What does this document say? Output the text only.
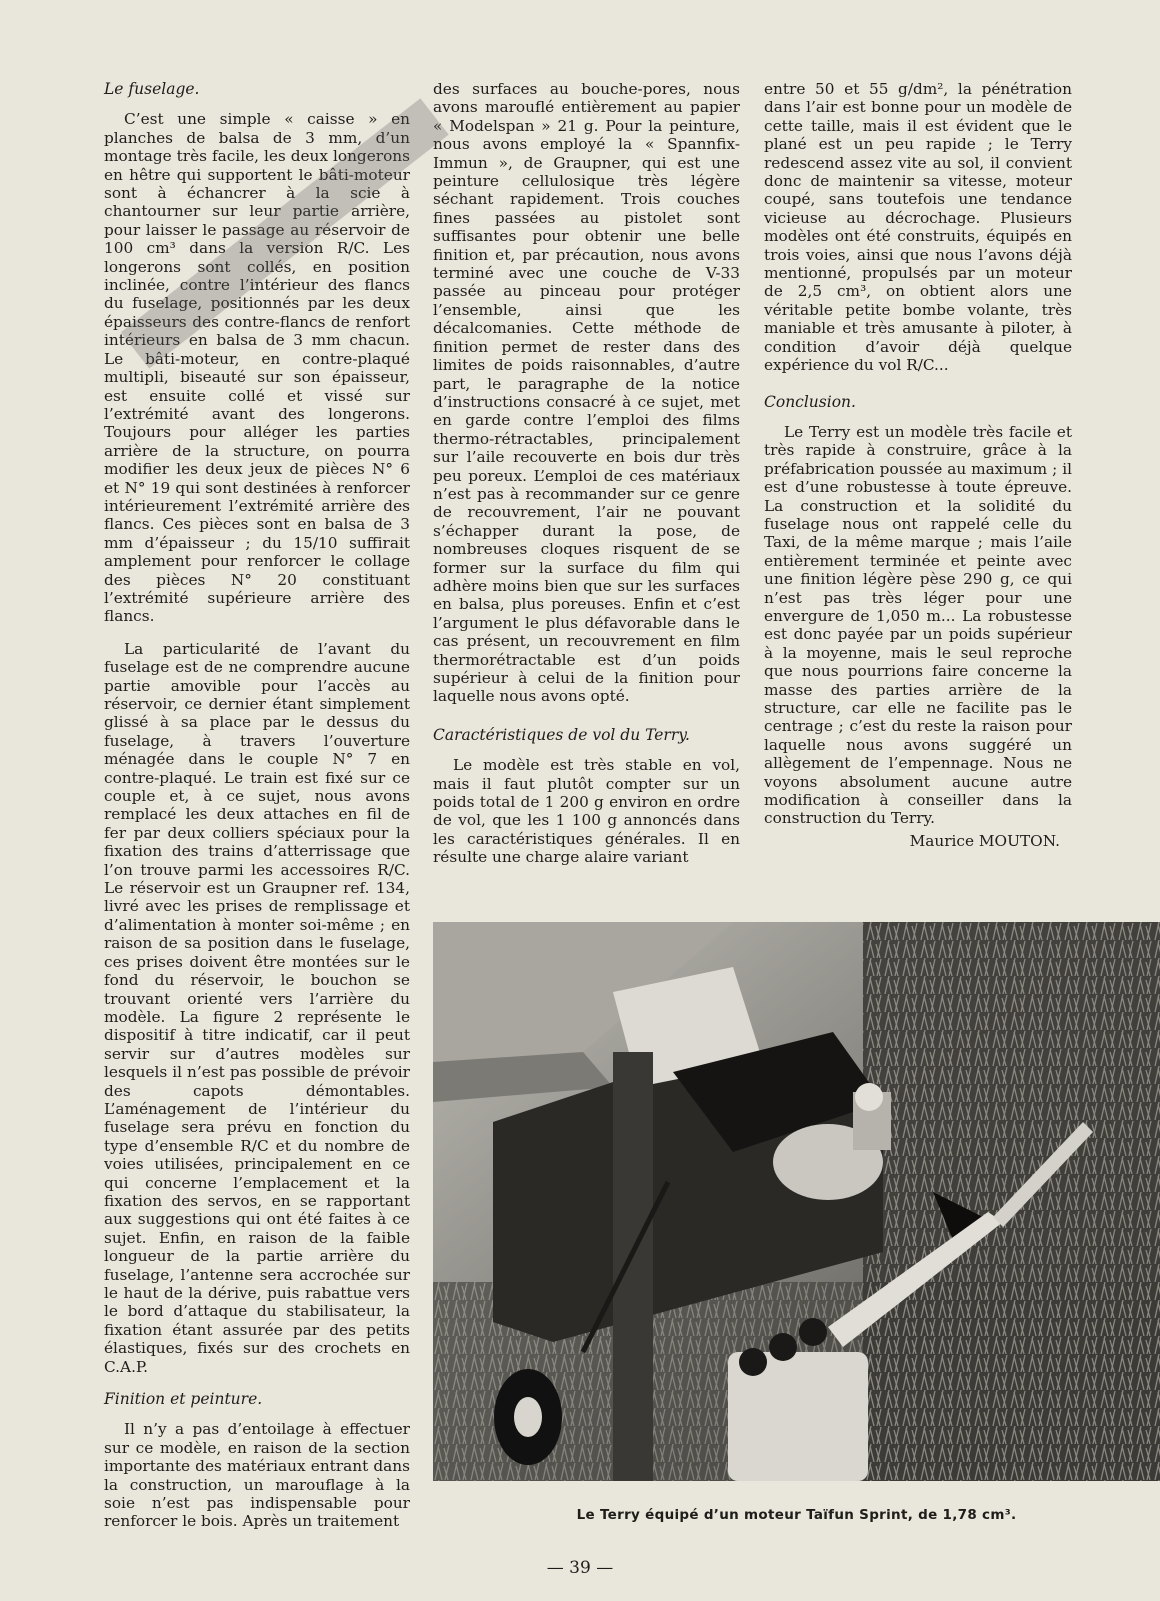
Le fuselage.

C’est une simple « caisse » en planches de balsa de 3 mm, d’un montage très facile, les deux longerons en hêtre qui supportent le bâti-moteur sont à échancrer à la scie à chantourner sur leur partie arrière, pour laisser le passage au réservoir de 100 cm³ dans la version R/C. Les longerons sont collés, en position inclinée, contre l’intérieur des flancs du fuselage, positionnés par les deux épaisseurs des contre-flancs de renfort intérieurs en balsa de 3 mm chacun. Le bâti-moteur, en contre-plaqué multipli, biseauté sur son épaisseur, est ensuite collé et vissé sur l’extrémité avant des longerons. Toujours pour alléger les parties arrière de la structure, on pourra modifier les deux jeux de pièces N° 6 et N° 19 qui sont destinées à renforcer intérieurement l’extrémité arrière des flancs. Ces pièces sont en balsa de 3 mm d’épaisseur ; du 15/10 suffirait amplement pour renforcer le collage des pièces N° 20 constituant l’extrémité supérieure arrière des flancs.

La particularité de l’avant du fuselage est de ne comprendre aucune partie amovible pour l’accès au réservoir, ce dernier étant simplement glissé à sa place par le dessus du fuselage, à travers l’ouverture ménagée dans le couple N° 7 en contre-plaqué. Le train est fixé sur ce couple et, à ce sujet, nous avons remplacé les deux attaches en fil de fer par deux colliers spéciaux pour la fixation des trains d’atterrissage que l’on trouve parmi les accessoires R/C. Le réservoir est un Graupner ref. 134, livré avec les prises de remplissage et d’alimentation à monter soi-même ; en raison de sa position dans le fuselage, ces prises doivent être montées sur le fond du réservoir, le bouchon se trouvant orienté vers l’arrière du modèle. La figure 2 représente le dispositif à titre indicatif, car il peut servir sur d’autres modèles sur lesquels il n’est pas possible de prévoir des capots démontables. L’aménagement de l’intérieur du fuselage sera prévu en fonction du type d’ensemble R/C et du nombre de voies utilisées, principalement en ce qui concerne l’emplacement et la fixation des servos, en se rapportant aux suggestions qui ont été faites à ce sujet. Enfin, en raison de la faible longueur de la partie arrière du fuselage, l’antenne sera accrochée sur le haut de la dérive, puis rabattue vers le bord d’attaque du stabilisateur, la fixation étant assurée par des petits élastiques, fixés sur des crochets en C.A.P.

Finition et peinture.

Il n’y a pas d’entoilage à effectuer sur ce modèle, en raison de la section importante des matériaux entrant dans la construction, un marouflage à la soie n’est pas indispensable pour renforcer le bois. Après un traitement

des surfaces au bouche-pores, nous avons marouflé entièrement au papier « Modelspan » 21 g. Pour la peinture, nous avons employé la « Spannfix-Immun », de Graupner, qui est une peinture cellulosique très légère séchant rapidement. Trois couches fines passées au pistolet sont suffisantes pour obtenir une belle finition et, par précaution, nous avons terminé avec une couche de V-33 passée au pinceau pour protéger l’ensemble, ainsi que les décalcomanies. Cette méthode de finition permet de rester dans des limites de poids raisonnables, d’autre part, le paragraphe de la notice d’instructions consacré à ce sujet, met en garde contre l’emploi des films thermo-rétractables, principalement sur l’aile recouverte en bois dur très peu poreux. L’emploi de ces matériaux n’est pas à recommander sur ce genre de recouvrement, l’air ne pouvant s’échapper durant la pose, de nombreuses cloques risquent de se former sur la surface du film qui adhère moins bien que sur les surfaces en balsa, plus poreuses. Enfin et c’est l’argument le plus défavorable dans le cas présent, un recouvrement en film thermorétractable est d’un poids supérieur à celui de la finition pour laquelle nous avons opté.

Caractéristiques de vol du Terry.

Le modèle est très stable en vol, mais il faut plutôt compter sur un poids total de 1 200 g environ en ordre de vol, que les 1 100 g annoncés dans les caractéristiques générales. Il en résulte une charge alaire variant

entre 50 et 55 g/dm², la pénétration dans l’air est bonne pour un modèle de cette taille, mais il est évident que le plané est un peu rapide ; le Terry redescend assez vite au sol, il convient donc de maintenir sa vitesse, moteur coupé, sans toutefois une tendance vicieuse au décrochage. Plusieurs modèles ont été construits, équipés en trois voies, ainsi que nous l’avons déjà mentionné, propulsés par un moteur de 2,5 cm³, on obtient alors une véritable petite bombe volante, très maniable et très amusante à piloter, à condition d’avoir déjà quelque expérience du vol R/C...

Conclusion.

Le Terry est un modèle très facile et très rapide à construire, grâce à la préfabrication poussée au maximum ; il est d’une robustesse à toute épreuve. La construction et la solidité du fuselage nous ont rappelé celle du Taxi, de la même marque ; mais l’aile entièrement terminée et peinte avec une finition légère pèse 290 g, ce qui n’est pas très léger pour une envergure de 1,050 m... La robustesse est donc payée par un poids supérieur à la moyenne, mais le seul reproche que nous pourrions faire concerne la masse des parties arrière de la structure, car elle ne facilite pas le centrage ; c’est du reste la raison pour laquelle nous avons suggéré un allègement de l’empennage. Nous ne voyons absolument aucune autre modification à conseiller dans la construction du Terry.

Maurice MOUTON.

Le Terry équipé d’un moteur Taïfun Sprint, de 1,78 cm³.
— 39 —
